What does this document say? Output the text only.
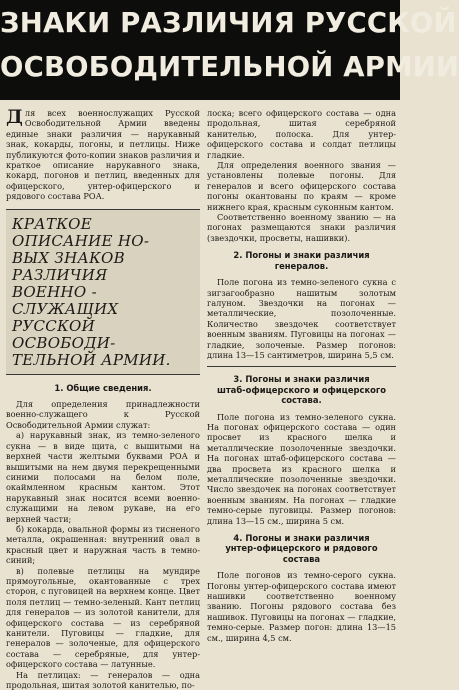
ЗНАКИ РАЗЛИЧИЯ РУССКОЙ
ОСВОБОДИТЕЛЬНОЙ АРМИИ

Для всех военнослужащих Русской Освободительной Армии введены единые знаки различия — нарукавный знак, кокарды, погоны, и петлицы. Ниже публикуются фото-копии знаков различия и краткое описание нарукавного знака, кокард, погонов и петлиц, введенных для офицерского, унтер-офицерского и рядового состава РОА.

КРАТКОЕ ОПИСАНИЕ НО-
ВЫХ ЗНАКОВ РАЗЛИЧИЯ
ВОЕННО - СЛУЖАЩИХ
РУССКОЙ ОСВОБОДИ-
ТЕЛЬНОЙ АРМИИ.
1. Общие сведения.

Для определения принадлежности военно-служащего к Русской Освободительной Армии служат:

а) нарукавный знак, из темно-зеленого сукна — в виде щита, с вышитыми на верхней части желтыми буквами РОА и вышитыми на нем двумя перекрещенными синими полосами на белом поле, окаймленном красным кантом. Этот нарукавный знак носится всеми военно-служащими на левом рукаве, на его верхней части;

б) кокарда, овальной формы из тисненого металла, окрашенная: внутренний овал в красный цвет и наружная часть в темно-синий;

в) полевые петлицы на мундире прямоугольные, окантованные с трех сторон, с пуговицей на верхнем конце. Цвет поля петлиц — темно-зеленый. Кант петлиц для генералов — из золотой канители, для офицерского состава — из серебряной канители. Пуговицы — гладкие, для генералов — золоченые, для офицерского состава — серебряные, для унтер-офицерского состава — латунные.

На петлицах: — генералов — одна продольная, шитая золотой канителью, по-

лоска; всего офицерского состава — одна продольная, шитая серебряной канителью, полоска. Для унтер-офицерского состава и солдат петлицы гладкие.

Для определения военного звания — установлены полевые погоны. Для генералов и всего офицерского состава погоны окантованы по краям — кроме нижнего края, красным суконным кантом.

Соответственно военному званию — на погонах размещаются знаки различия (звездочки, просветы, нашивки).

2. Погоны и знаки различия генералов.

Поле погона из темно-зеленого сукна с зигзагообразно нашитым золотым галуном. Звездочки на погонах — металлические, позолоченные. Количество звездочек соответствует военным званиям. Пуговицы на погонах — гладкие, золоченые. Размер погонов: длина 13—15 сантиметров, ширина 5,5 см.

3. Погоны и знаки различия
штаб-офицерского и офицерского
состава.

Поле погона из темно-зеленого сукна. На погонах офицерского состава — один просвет из красного шелка и металлические позолоченные звездочки. На погонах штаб-офицерского состава — два просвета из красного шелка и металлические позолоченные звездочки. Число звездочек на погонах соответствует военным званиям. На погонах — гладкие темно-серые пуговицы. Размер погонов: длина 13—15 см., ширина 5 см.

4. Погоны и знаки различия
унтер-офицерского и рядового
состава

Поле погонов из темно-серого сукна. Погоны унтер-офицерского состава имеют нашивки соответственно военному званию. Погоны рядового состава без нашивок. Пуговицы на погонах — гладкие, темно-серые. Размер погон: длина 13—15 см., ширина 4,5 см.
